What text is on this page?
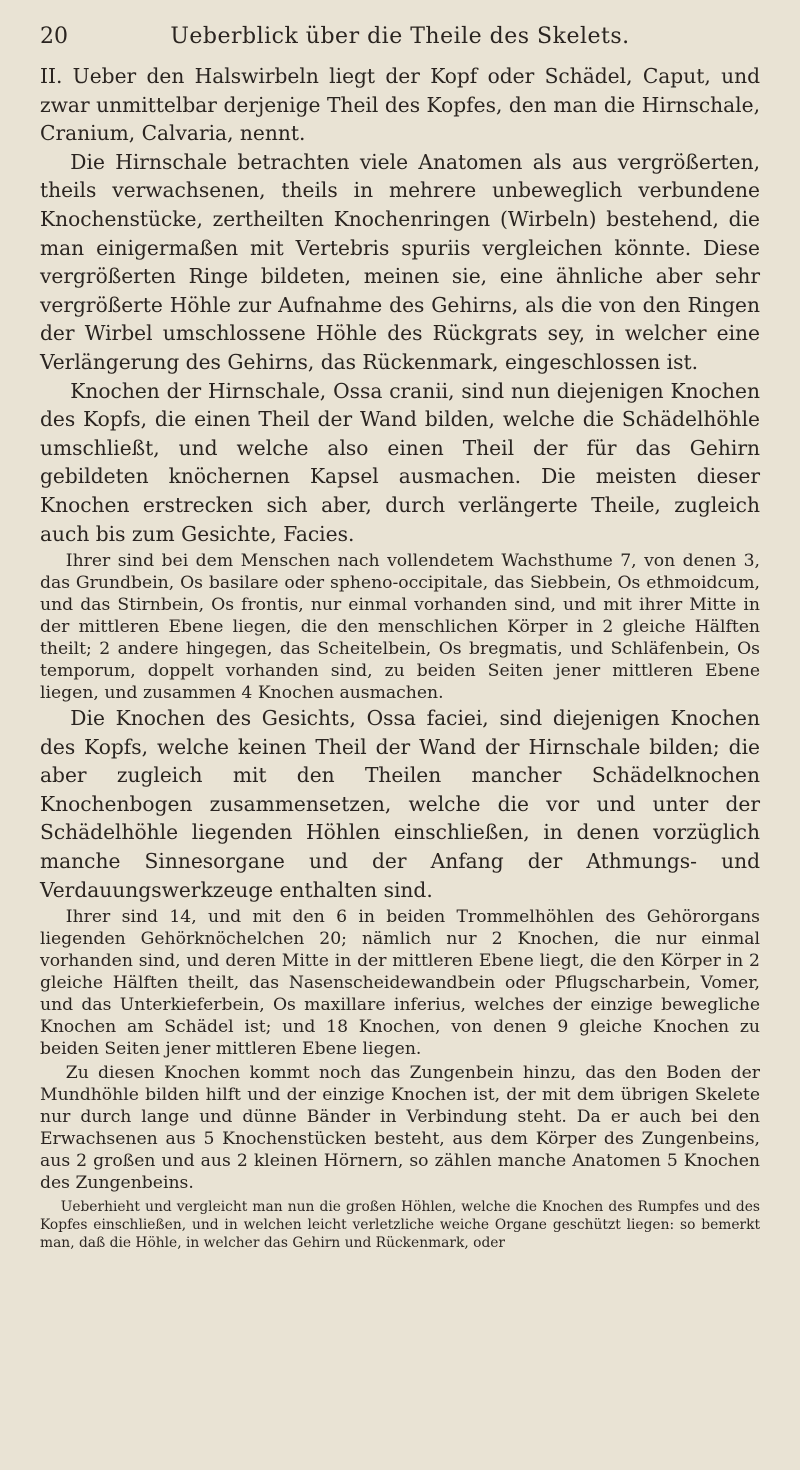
20	Ueberblick über die Theile des Skelets.

II. Ueber den Halswirbeln liegt der Kopf oder Schädel, Caput, und zwar unmittelbar derjenige Theil des Kopfes, den man die Hirnschale, Cranium, Calvaria, nennt.

Die Hirnschale betrachten viele Anatomen als aus vergrößerten, theils verwachsenen, theils in mehrere unbeweglich verbundene Knochenstücke, zertheilten Knochenringen (Wirbeln) bestehend, die man einigermaßen mit Vertebris spuriis vergleichen könnte. Diese vergrößerten Ringe bildeten, meinen sie, eine ähnliche aber sehr vergrößerte Höhle zur Aufnahme des Gehirns, als die von den Ringen der Wirbel umschlossene Höhle des Rückgrats sey, in welcher eine Verlängerung des Gehirns, das Rückenmark, eingeschlossen ist.

Knochen der Hirnschale, Ossa cranii, sind nun diejenigen Knochen des Kopfs, die einen Theil der Wand bilden, welche die Schädelhöhle umschließt, und welche also einen Theil der für das Gehirn gebildeten knöchernen Kapsel ausmachen. Die meisten dieser Knochen erstrecken sich aber, durch verlängerte Theile, zugleich auch bis zum Gesichte, Facies.

Ihrer sind bei dem Menschen nach vollendetem Wachsthume 7, von denen 3, das Grundbein, Os basilare oder spheno-occipitale, das Siebbein, Os ethmoidcum, und das Stirnbein, Os frontis, nur einmal vorhanden sind, und mit ihrer Mitte in der mittleren Ebene liegen, die den menschlichen Körper in 2 gleiche Hälften theilt; 2 andere hingegen, das Scheitelbein, Os bregmatis, und Schläfenbein, Os temporum, doppelt vorhanden sind, zu beiden Seiten jener mittleren Ebene liegen, und zusammen 4 Knochen ausmachen.

Die Knochen des Gesichts, Ossa faciei, sind diejenigen Knochen des Kopfs, welche keinen Theil der Wand der Hirnschale bilden; die aber zugleich mit den Theilen mancher Schädelknochen Knochenbogen zusammensetzen, welche die vor und unter der Schädelhöhle liegenden Höhlen einschließen, in denen vorzüglich manche Sinnesorgane und der Anfang der Athmungs- und Verdauungswerkzeuge enthalten sind.

Ihrer sind 14, und mit den 6 in beiden Trommelhöhlen des Gehörorgans liegenden Gehörknöchelchen 20; nämlich nur 2 Knochen, die nur einmal vorhanden sind, und deren Mitte in der mittleren Ebene liegt, die den Körper in 2 gleiche Hälften theilt, das Nasenscheidewandbein oder Pflugscharbein, Vomer, und das Unterkieferbein, Os maxillare inferius, welches der einzige bewegliche Knochen am Schädel ist; und 18 Knochen, von denen 9 gleiche Knochen zu beiden Seiten jener mittleren Ebene liegen.
Zu diesen Knochen kommt noch das Zungenbein hinzu, das den Boden der Mundhöhle bilden hilft und der einzige Knochen ist, der mit dem übrigen Skelete nur durch lange und dünne Bänder in Verbindung steht. Da er auch bei den Erwachsenen aus 5 Knochenstücken besteht, aus dem Körper des Zungenbeins, aus 2 großen und aus 2 kleinen Hörnern, so zählen manche Anatomen 5 Knochen des Zungenbeins.
Ueberhieht und vergleicht man nun die großen Höhlen, welche die Knochen des Rumpfes und des Kopfes einschließen, und in welchen leicht verletzliche weiche Organe geschützt liegen: so bemerkt man, daß die Höhle, in welcher das Gehirn und Rückenmark, oder
